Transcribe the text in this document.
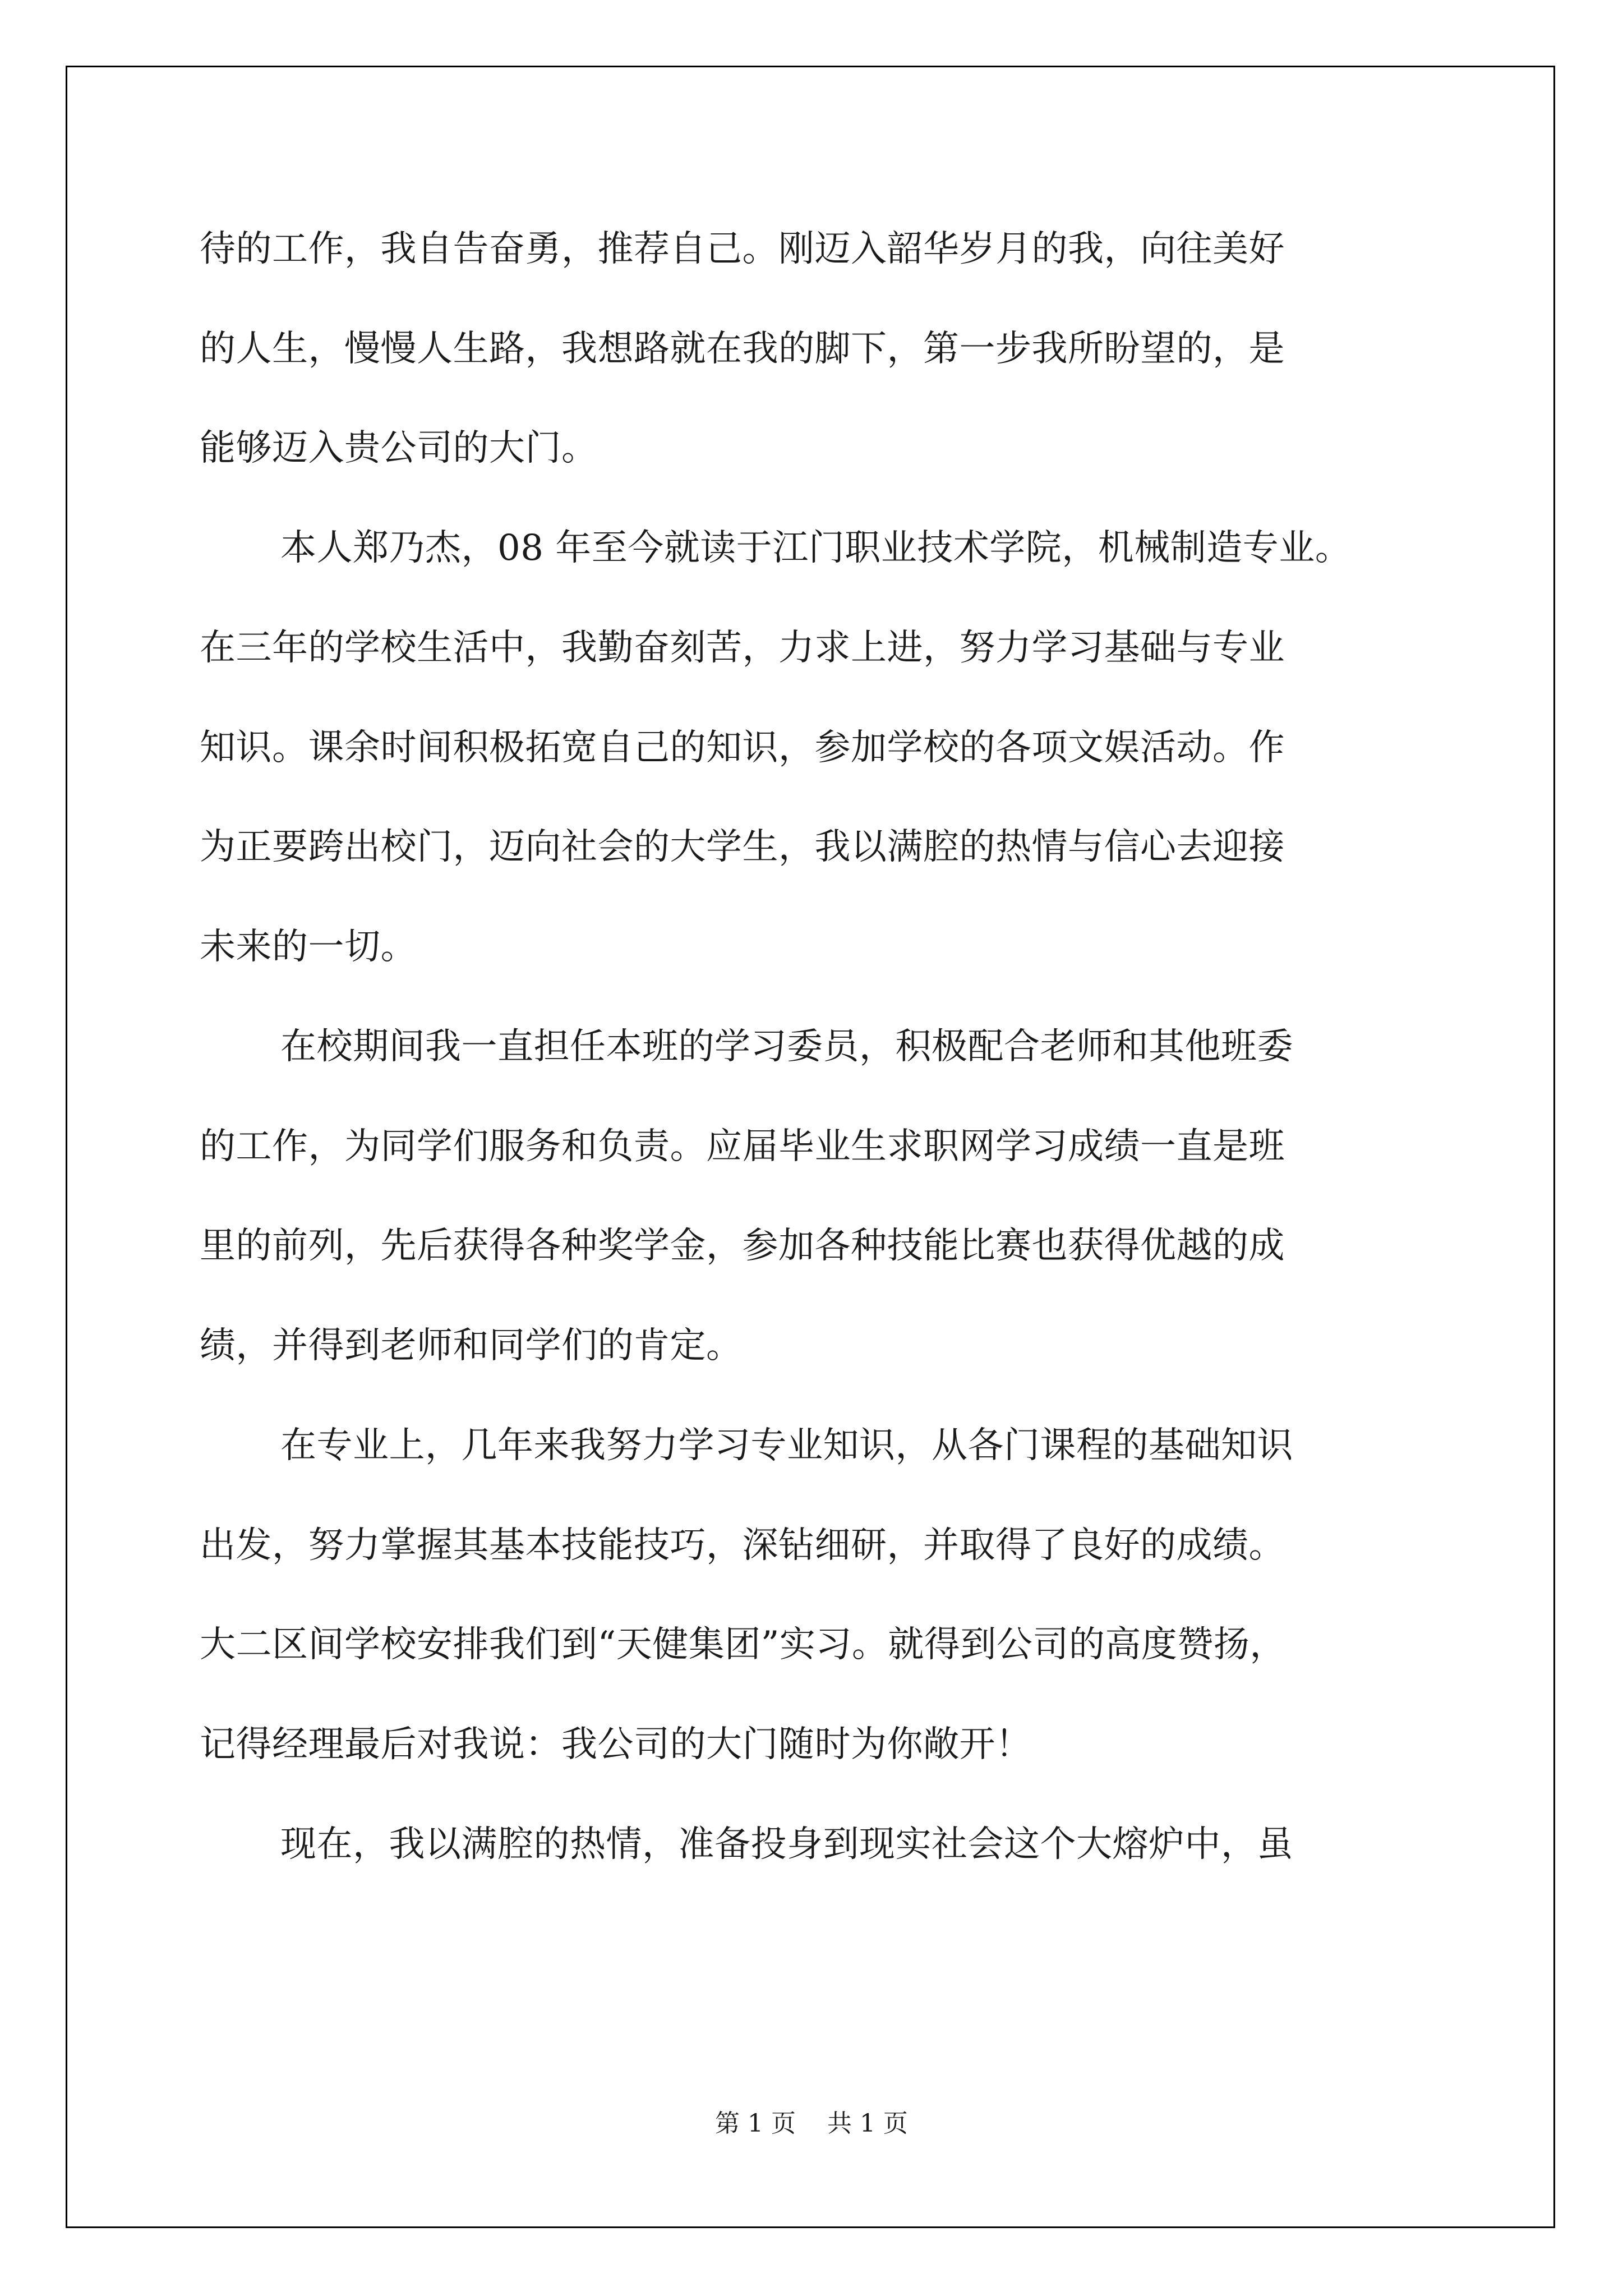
待的工作，我自告奋勇，推荐自己。刚迈入韶华岁月的我，向往美好
的人生，慢慢人生路，我想路就在我的脚下，第一步我所盼望的，是
能够迈入贵公司的大门。
本人郑乃杰，08 年至今就读于江门职业技术学院，机械制造专业。
在三年的学校生活中，我勤奋刻苦，力求上进，努力学习基础与专业
知识。课余时间积极拓宽自己的知识，参加学校的各项文娱活动。作
为正要跨出校门，迈向社会的大学生，我以满腔的热情与信心去迎接
未来的一切。
在校期间我一直担任本班的学习委员，积极配合老师和其他班委
的工作，为同学们服务和负责。应届毕业生求职网学习成绩一直是班
里的前列，先后获得各种奖学金，参加各种技能比赛也获得优越的成
绩，并得到老师和同学们的肯定。
在专业上，几年来我努力学习专业知识，从各门课程的基础知识
出发，努力掌握其基本技能技巧，深钻细研，并取得了良好的成绩。
大二区间学校安排我们到“天健集团”实习。就得到公司的高度赞扬，
记得经理最后对我说：我公司的大门随时为你敞开！
现在，我以满腔的热情，准备投身到现实社会这个大熔炉中，虽
第 1 页    共 1 页
